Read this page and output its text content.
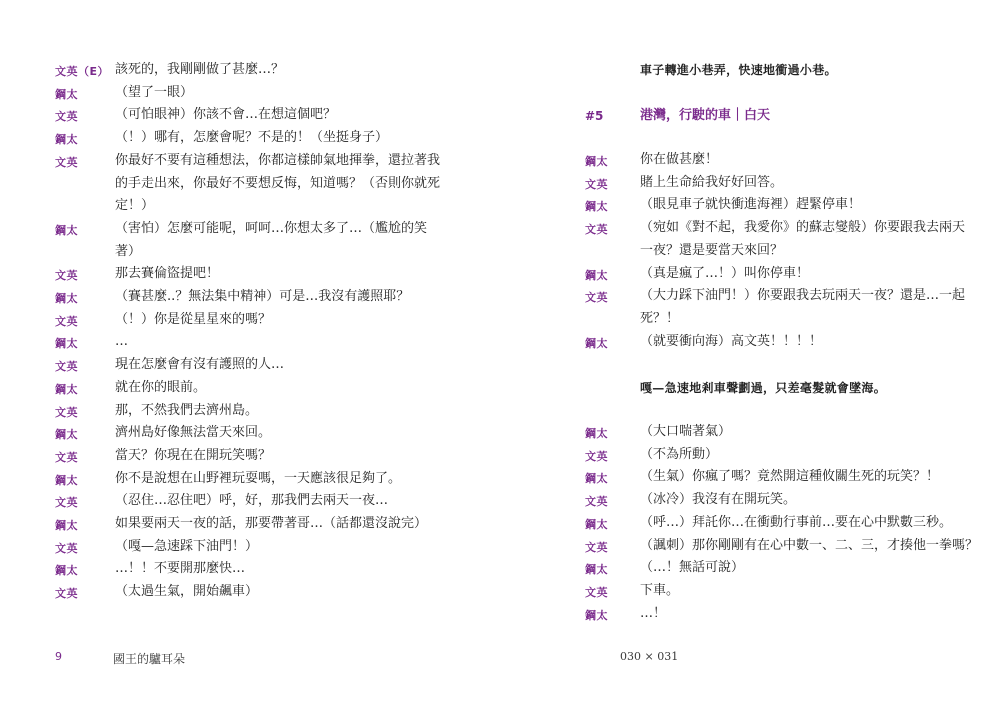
文英（E） 該死的，我剛剛做了甚麼…？
鋼太	（望了一眼）
文英	（可怕眼神）你該不會…在想這個吧？
鋼太	（！）哪有，怎麼會呢？不是的！（坐挺身子）
文英	你最好不要有這種想法，你都這樣帥氣地揮拳，還拉著我
的手走出來，你最好不要想反悔，知道嗎？（否則你就死
定！）
鋼太	（害怕）怎麼可能呢，呵呵…你想太多了…（尷尬的笑
著）
文英	那去賽倫盜提吧！
鋼太	（賽甚麼..？無法集中精神）可是…我沒有護照耶？
文英	（！）你是從星星來的嗎？
鋼太	…
文英	現在怎麼會有沒有護照的人…
鋼太	就在你的眼前。
文英	那，不然我們去濟州島。
鋼太	濟州島好像無法當天來回。
文英	當天？你現在在開玩笑嗎？
鋼太	你不是說想在山野裡玩耍嗎，一天應該很足夠了。
文英	（忍住…忍住吧）呼，好，那我們去兩天一夜…
鋼太	如果要兩天一夜的話，那要帶著哥…（話都還沒說完）
文英	（嘎—急速踩下油門！）
鋼太	…！！不要開那麼快…
文英	（太過生氣，開始飆車）
9	國王的驢耳朵
車子轉進小巷弄，快速地衝過小巷。
#5	港灣，行駛的車｜白天
鋼太 你在做甚麼！
文英 賭上生命給我好好回答。
鋼太 （眼見車子就快衝進海裡）趕緊停車！
文英 （宛如《對不起，我愛你》的蘇志燮般）你要跟我去兩天
一夜？還是要當天來回？
鋼太 （真是瘋了…！）叫你停車！
文英 （大力踩下油門！）你要跟我去玩兩天一夜？還是…一起
死？！
鋼太 （就要衝向海）高文英！！！！
嘎—急速地剎車聲劃過，只差毫髮就會墜海。
鋼太 （大口喘著氣）
文英 （不為所動）
鋼太 （生氣）你瘋了嗎？竟然開這種攸關生死的玩笑？！
文英 （冰冷）我沒有在開玩笑。
鋼太 （呼…）拜託你…在衝動行事前…要在心中默數三秒。
文英 （諷刺）那你剛剛有在心中數一、二、三，才揍他一拳嗎？
鋼太 （…！無話可說）
文英 下車。
鋼太 …！
030 × 031
